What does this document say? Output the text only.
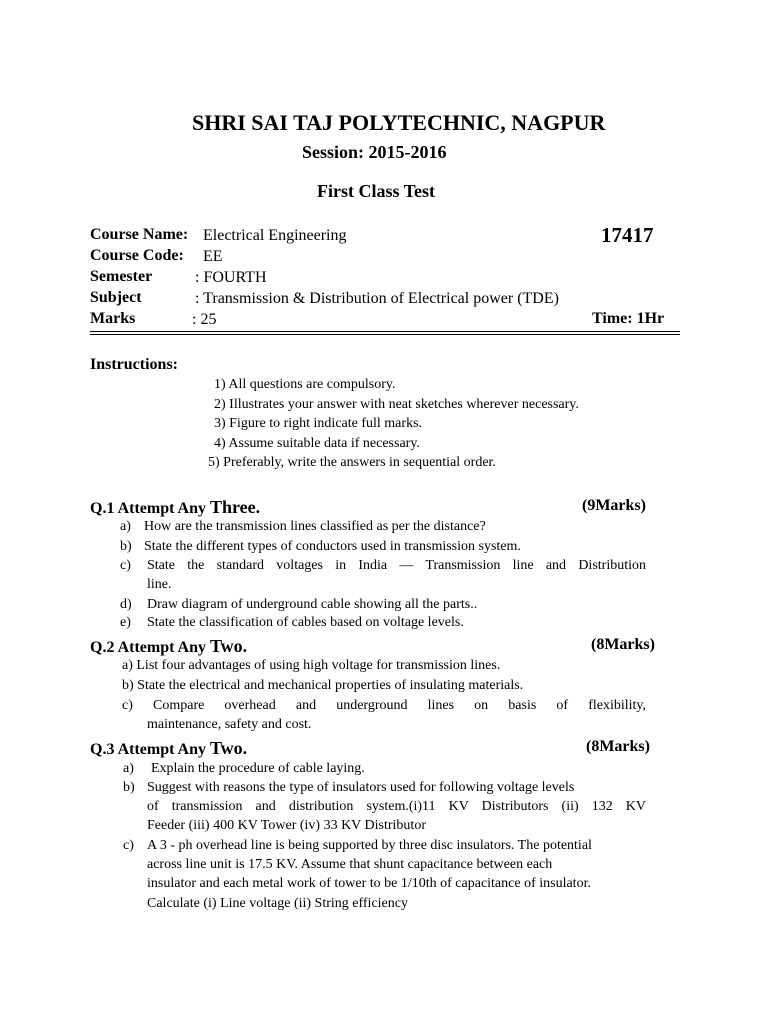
SHRI SAI TAJ POLYTECHNIC, NAGPUR
Session: 2015-2016
First Class Test
Course Name: Electrical Engineering	17417
Course Code: EE
Semester	: FOURTH
Subject	: Transmission & Distribution of Electrical power (TDE)
Marks	: 25	Time: 1Hr
Instructions:
1) All questions are compulsory.
2) Illustrates your answer with neat sketches wherever necessary.
3) Figure to right indicate full marks.
4) Assume suitable data if necessary.
5) Preferably, write the answers in sequential order.
Q.1 Attempt Any Three.	(9Marks)
a) How are the transmission lines classified as per the distance?
b) State the different types of conductors used in transmission system.
c) State the standard voltages in India — Transmission line and Distribution
line.
d) Draw diagram of underground cable showing all the parts..
e) State the classification of cables based on voltage levels.
Q.2 Attempt Any Two.	(8Marks)
a) List four advantages of using high voltage for transmission lines.
b) State the electrical and mechanical properties of insulating materials.
c) Compare overhead and underground lines on basis of flexibility,
maintenance, safety and cost.
Q.3 Attempt Any Two.	(8Marks)
a) Explain the procedure of cable laying.
b) Suggest with reasons the type of insulators used for following voltage levels
of transmission and distribution system.(i)11 KV Distributors (ii) 132 KV
Feeder (iii) 400 KV Tower (iv) 33 KV Distributor
c) A 3 - ph overhead line is being supported by three disc insulators. The potential
across line unit is 17.5 KV. Assume that shunt capacitance between each
insulator and each metal work of tower to be 1/10th of capacitance of insulator.
Calculate (i) Line voltage (ii) String efficiency
